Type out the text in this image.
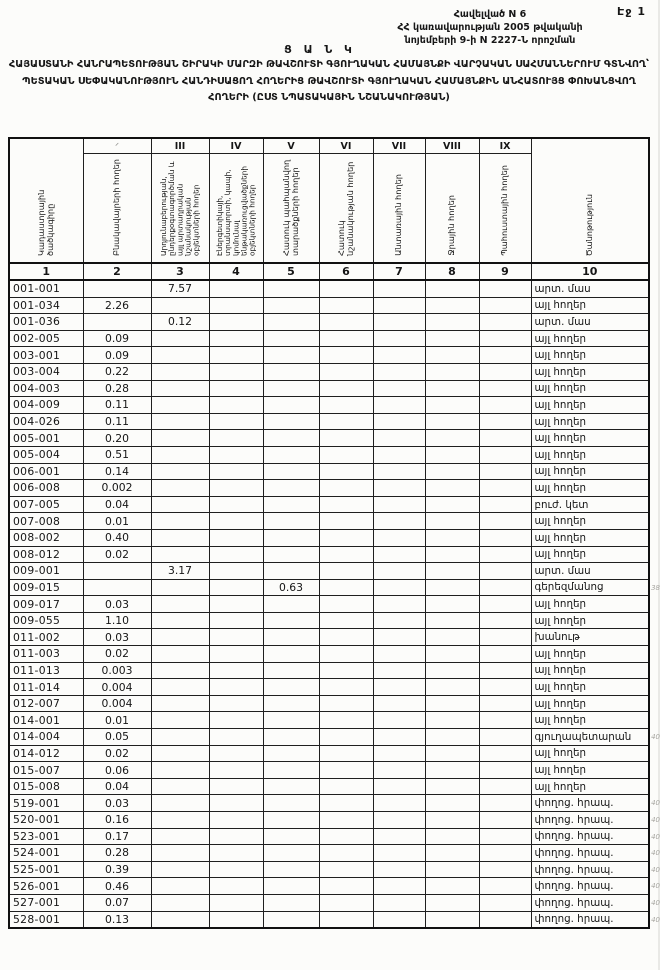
Էջ 1
Հավելված N 6
ՀՀ կառավարության 2005 թվականի
նոյեմբերի 9-ի N 2227-Ն որոշման
Ց Ա Ն Կ
ՀԱՅԱՍՏԱՆԻ ՀԱՆՐԱՊԵՏՈՒԹՅԱՆ ՇԻՐԱԿԻ ՄԱՐԶԻ ԹԱՎՇՈՒՏԻ ԳՅՈՒՂԱԿԱՆ ՀԱՄԱՅՆՔԻ ՎԱՐՉԱԿԱՆ ՍԱՀՄԱՆՆԵՐՈՒՄ ԳՏՆՎՈՂ՝ ՊԵՏԱԿԱՆ ՍԵՓԱԿԱՆՈՒԹՅՈՒՆ ՀԱՆԴԻՍԱՑՈՂ ՀՈՂԵՐԻՑ ԹԱՎՇՈՒՏԻ ԳՅՈՒՂԱԿԱՆ ՀԱՄԱՅՆՔԻՆ ԱՆՀԱՏՈՒՅՑ ՓՈԽԱՆՑՎՈՂ ՀՈՂԵՐԻ (ԸՍՏ ՆՊԱՏԱԿԱՅԻՆ ՆՇԱՆԱԿՈՒԹՅԱՆ)
Կադաստրային ծածկագիրը	⸍	III	IV	V	VI	VII	VIII	IX	Ծանոթություն
	Բնակավայրերի հողեր	Արդյունաբերության, ընդերքօգտագործման և այլ արտադրական նշանակության օբյեկտների հողեր	Էներգետիկայի, տրանսպորտի, կապի, կոմունալ ենթակառուցվածքների օբյեկտների հողեր	Հատուկ պահպանվող տարածքների հողեր	Հատուկ նշանակության հողեր	Անտառային հողեր	Ջրային հողեր	Պահուստային հողեր	
1	2	3	4	5	6	7	8	9	10
001-001		7.57							արտ. մաս
001-034	2.26								այլ հողեր
001-036		0.12							արտ. մաս
002-005	0.09								այլ հողեր
003-001	0.09								այլ հողեր
003-004	0.22								այլ հողեր
004-003	0.28								այլ հողեր
004-009	0.11								այլ հողեր
004-026	0.11								այլ հողեր
005-001	0.20								այլ հողեր
005-004	0.51								այլ հողեր
006-001	0.14								այլ հողեր
006-008	0.002								այլ հողեր
007-005	0.04								բուժ. կետ
007-008	0.01								այլ հողեր
008-002	0.40								այլ հողեր
008-012	0.02								այլ հողեր
009-001		3.17							արտ. մաս
009-015				0.63					գերեզմանոց 38

009-017	0.03								այլ հողեր
009-055	1.10								այլ հողեր
011-002	0.03								խանութ
011-003	0.02								այլ հողեր
011-013	0.003								այլ հողեր
011-014	0.004								այլ հողեր
012-007	0.004								այլ հողեր
014-001	0.01								այլ հողեր
014-004	0.05								գյուղապետարան 40

014-012	0.02								այլ հողեր
015-007	0.06								այլ հողեր
015-008	0.04								այլ հողեր
519-001	0.03								փողոց. հրապ. 40

520-001	0.16								փողոց. հրապ. 40

523-001	0.17								փողոց. հրապ. 40

524-001	0.28								փողոց. հրապ. 40

525-001	0.39								փողոց. հրապ. 40

526-001	0.46								փողոց. հրապ. 40

527-001	0.07								փողոց. հրապ. 40

528-001	0.13								փողոց. հրապ. 40
